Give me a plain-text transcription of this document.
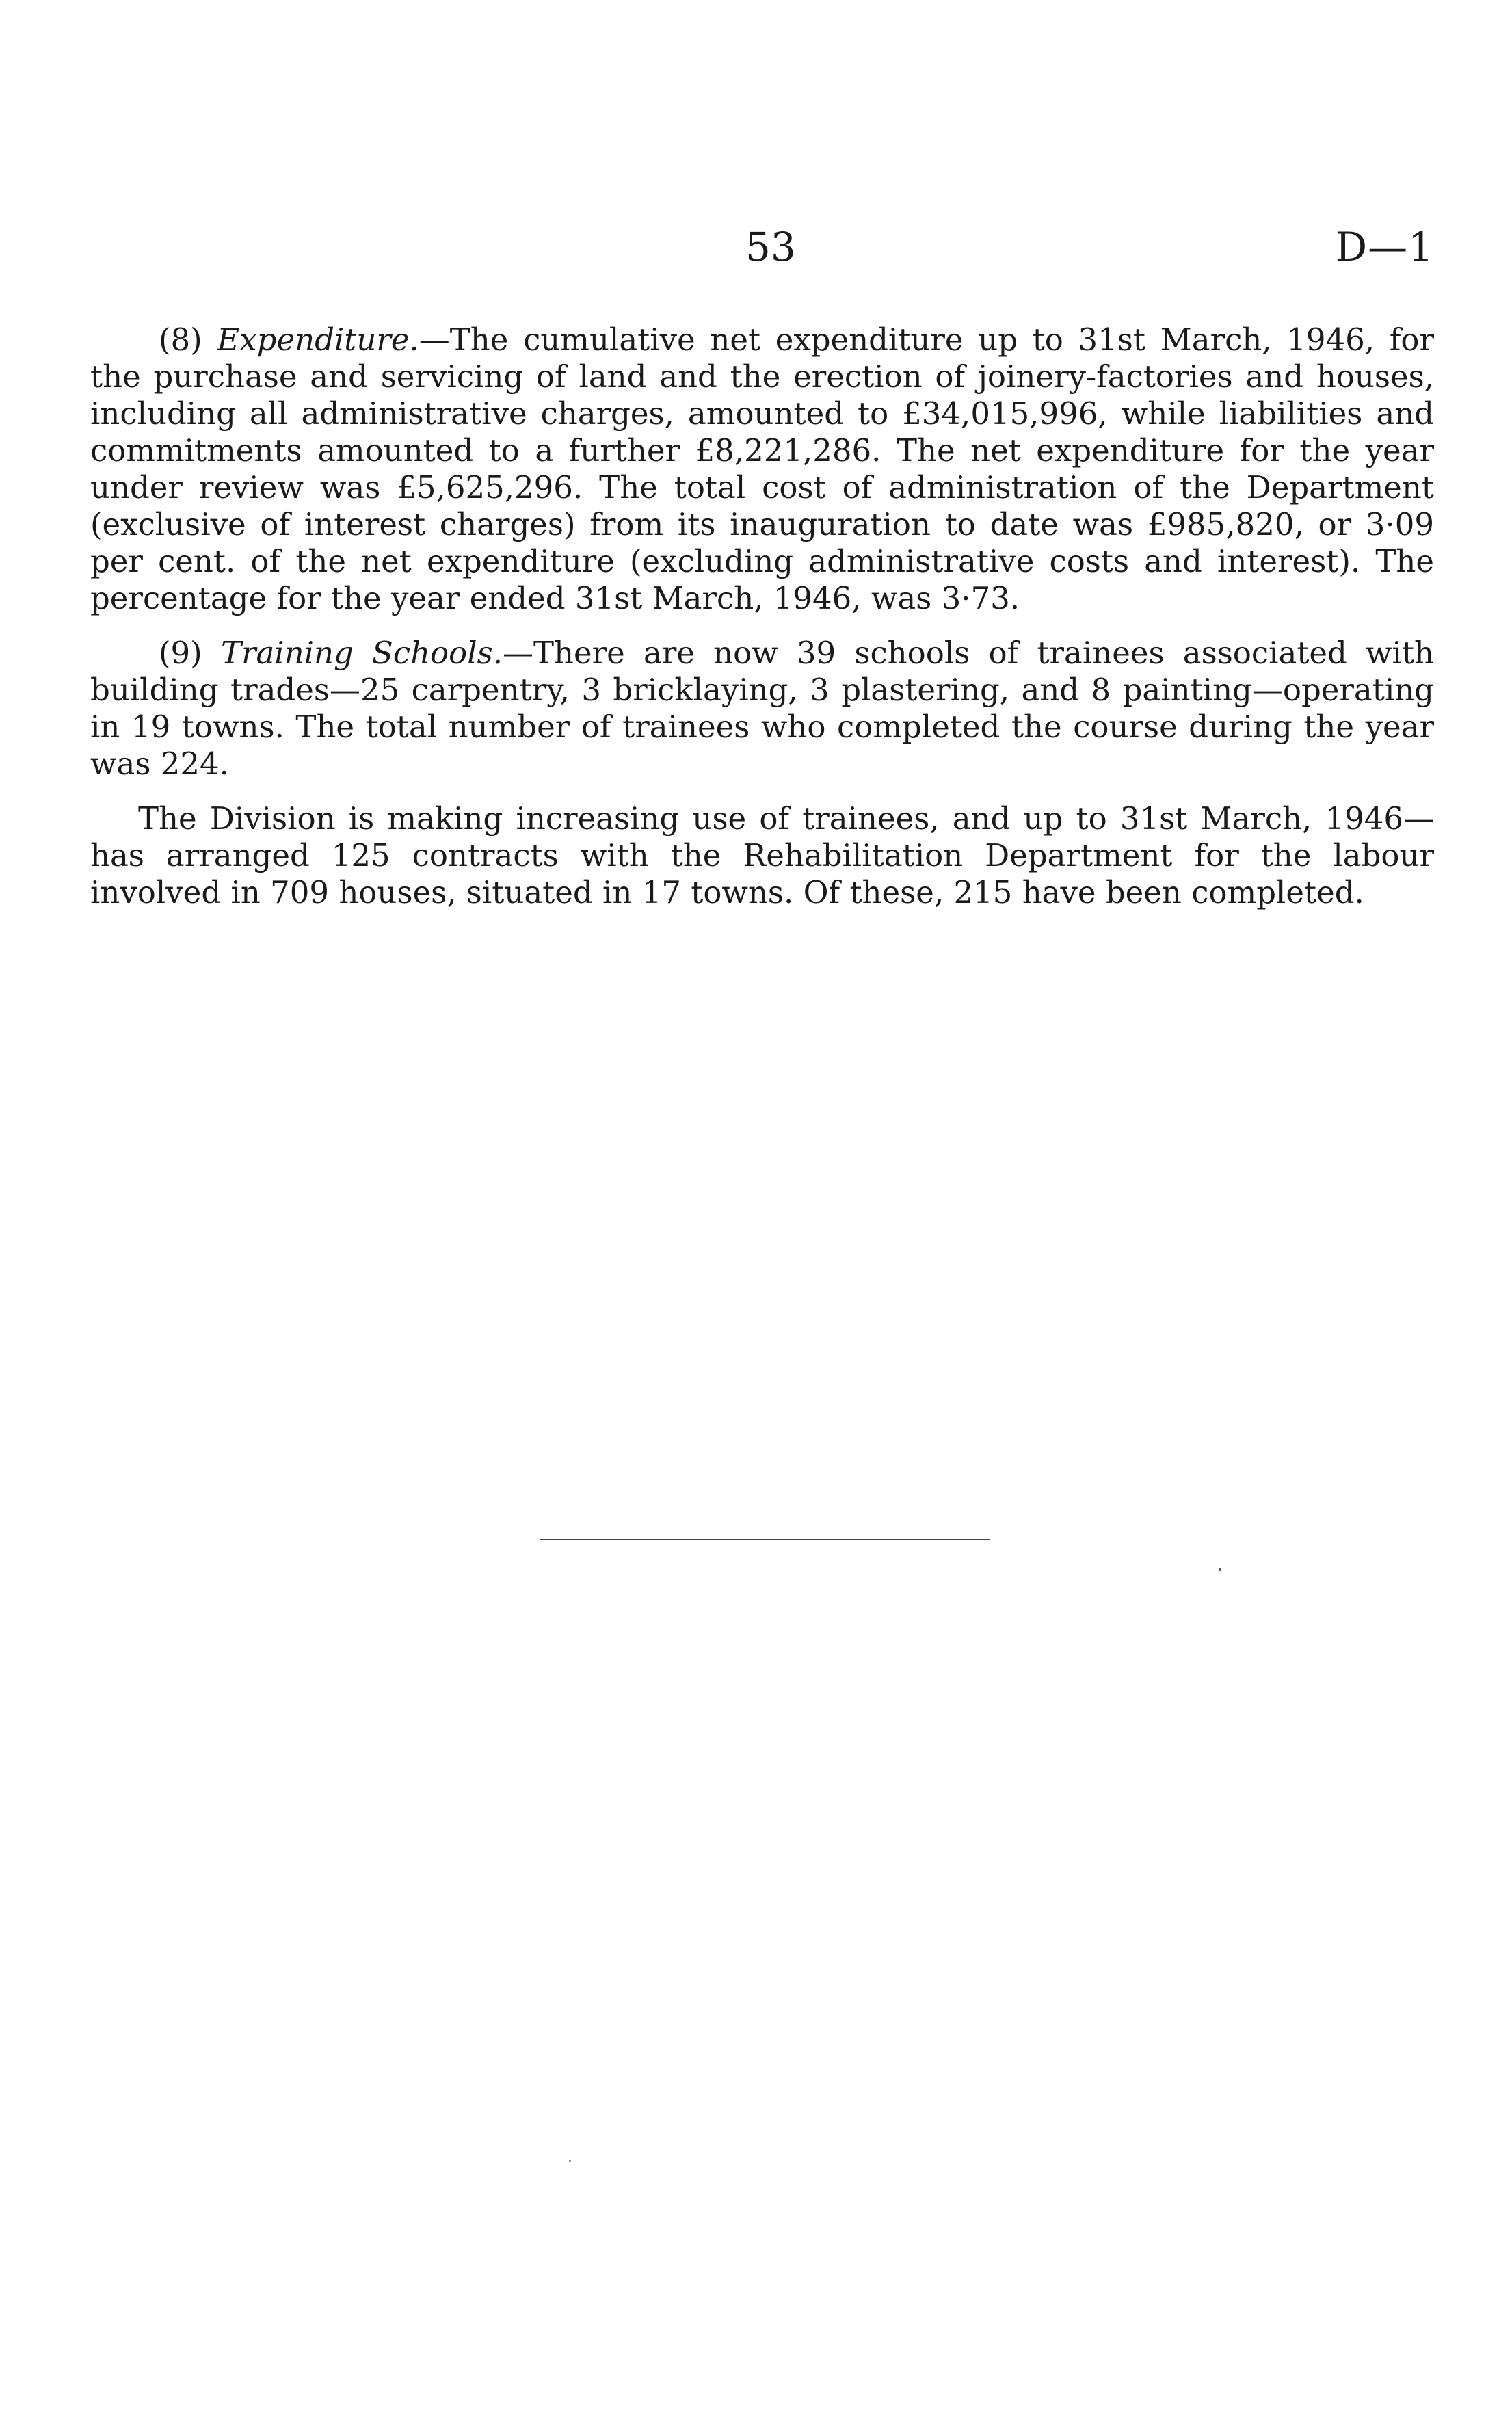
53	D—1

(8) Expenditure.—The cumulative net expenditure up to 31st March, 1946, for the purchase and servicing of land and the erection of joinery-factories and houses, including all administrative charges, amounted to £34,015,996, while liabilities and commitments amounted to a further £8,221,286. The net expenditure for the year under review was £5,625,296. The total cost of administration of the Department (exclusive of interest charges) from its inauguration to date was £985,820, or 3·09 per cent. of the net expenditure (excluding administrative costs and interest). The percentage for the year ended 31st March, 1946, was 3·73.

(9) Training Schools.—There are now 39 schools of trainees associated with building trades—25 carpentry, 3 bricklaying, 3 plastering, and 8 painting—operating in 19 towns. The total number of trainees who completed the course during the year was 224.

The Division is making increasing use of trainees, and up to 31st March, 1946—has arranged 125 contracts with the Rehabilitation Department for the labour involved in 709 houses, situated in 17 towns. Of these, 215 have been completed.
